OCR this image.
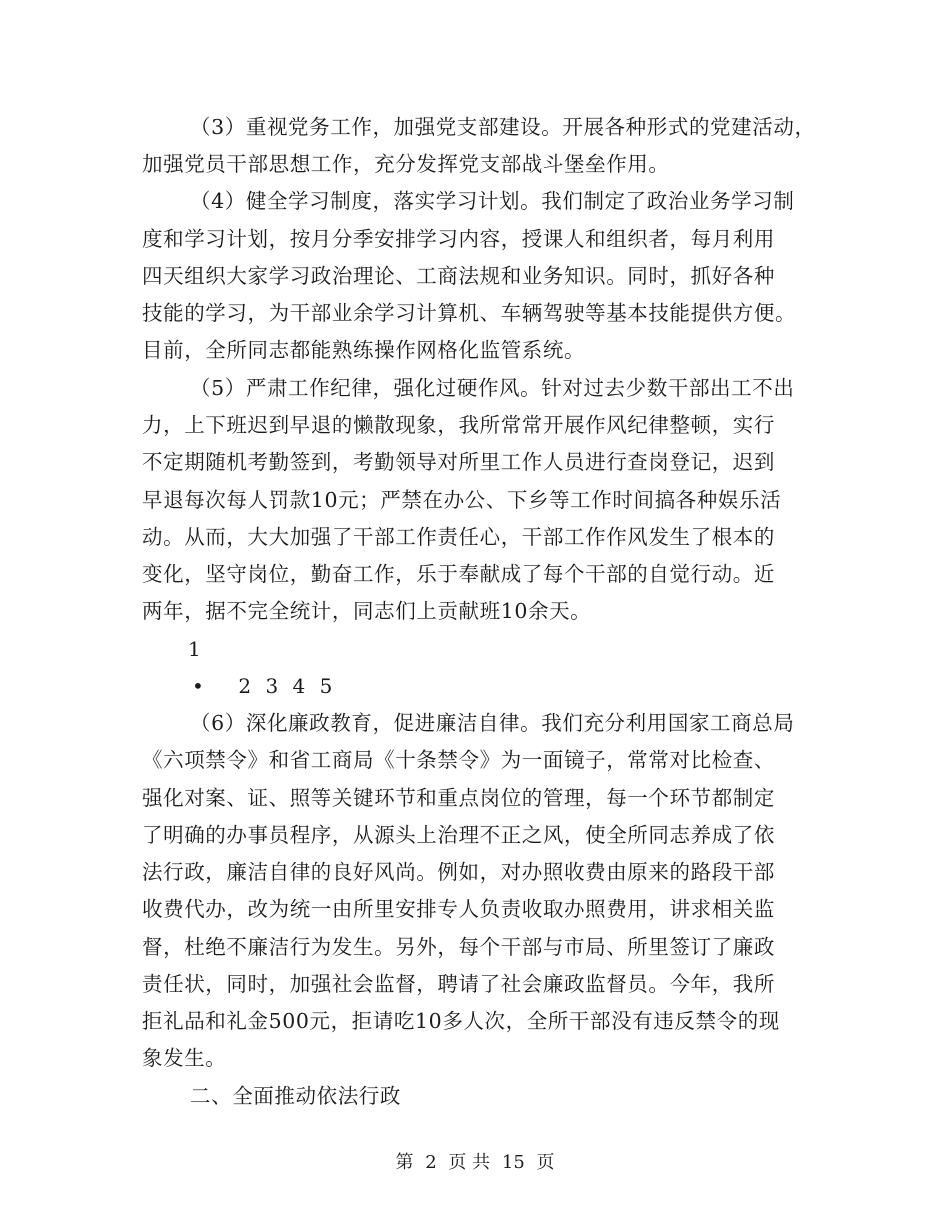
（3）重视党务工作，加强党支部建设。开展各种形式的党建活动，
加强党员干部思想工作，充分发挥党支部战斗堡垒作用。
（4）健全学习制度，落实学习计划。我们制定了政治业务学习制
度和学习计划，按月分季安排学习内容，授课人和组织者，每月利用
四天组织大家学习政治理论、工商法规和业务知识。同时，抓好各种
技能的学习，为干部业余学习计算机、车辆驾驶等基本技能提供方便。
目前，全所同志都能熟练操作网格化监管系统。
（5）严肃工作纪律，强化过硬作风。针对过去少数干部出工不出
力，上下班迟到早退的懒散现象，我所常常开展作风纪律整顿，实行
不定期随机考勤签到，考勤领导对所里工作人员进行查岗登记，迟到
早退每次每人罚款10元；严禁在办公、下乡等工作时间搞各种娱乐活
动。从而，大大加强了干部工作责任心，干部工作作风发生了根本的
变化，坚守岗位，勤奋工作，乐于奉献成了每个干部的自觉行动。近
两年，据不完全统计，同志们上贡献班10余天。
1
• 2 3 4 5
（6）深化廉政教育，促进廉洁自律。我们充分利用国家工商总局
《六项禁令》和省工商局《十条禁令》为一面镜子，常常对比检查、
强化对案、证、照等关键环节和重点岗位的管理，每一个环节都制定
了明确的办事员程序，从源头上治理不正之风，使全所同志养成了依
法行政，廉洁自律的良好风尚。例如，对办照收费由原来的路段干部
收费代办，改为统一由所里安排专人负责收取办照费用，讲求相关监
督，杜绝不廉洁行为发生。另外，每个干部与市局、所里签订了廉政
责任状，同时，加强社会监督，聘请了社会廉政监督员。今年，我所
拒礼品和礼金500元，拒请吃10多人次，全所干部没有违反禁令的现
象发生。
二、全面推动依法行政
第 2 页 共 15 页
